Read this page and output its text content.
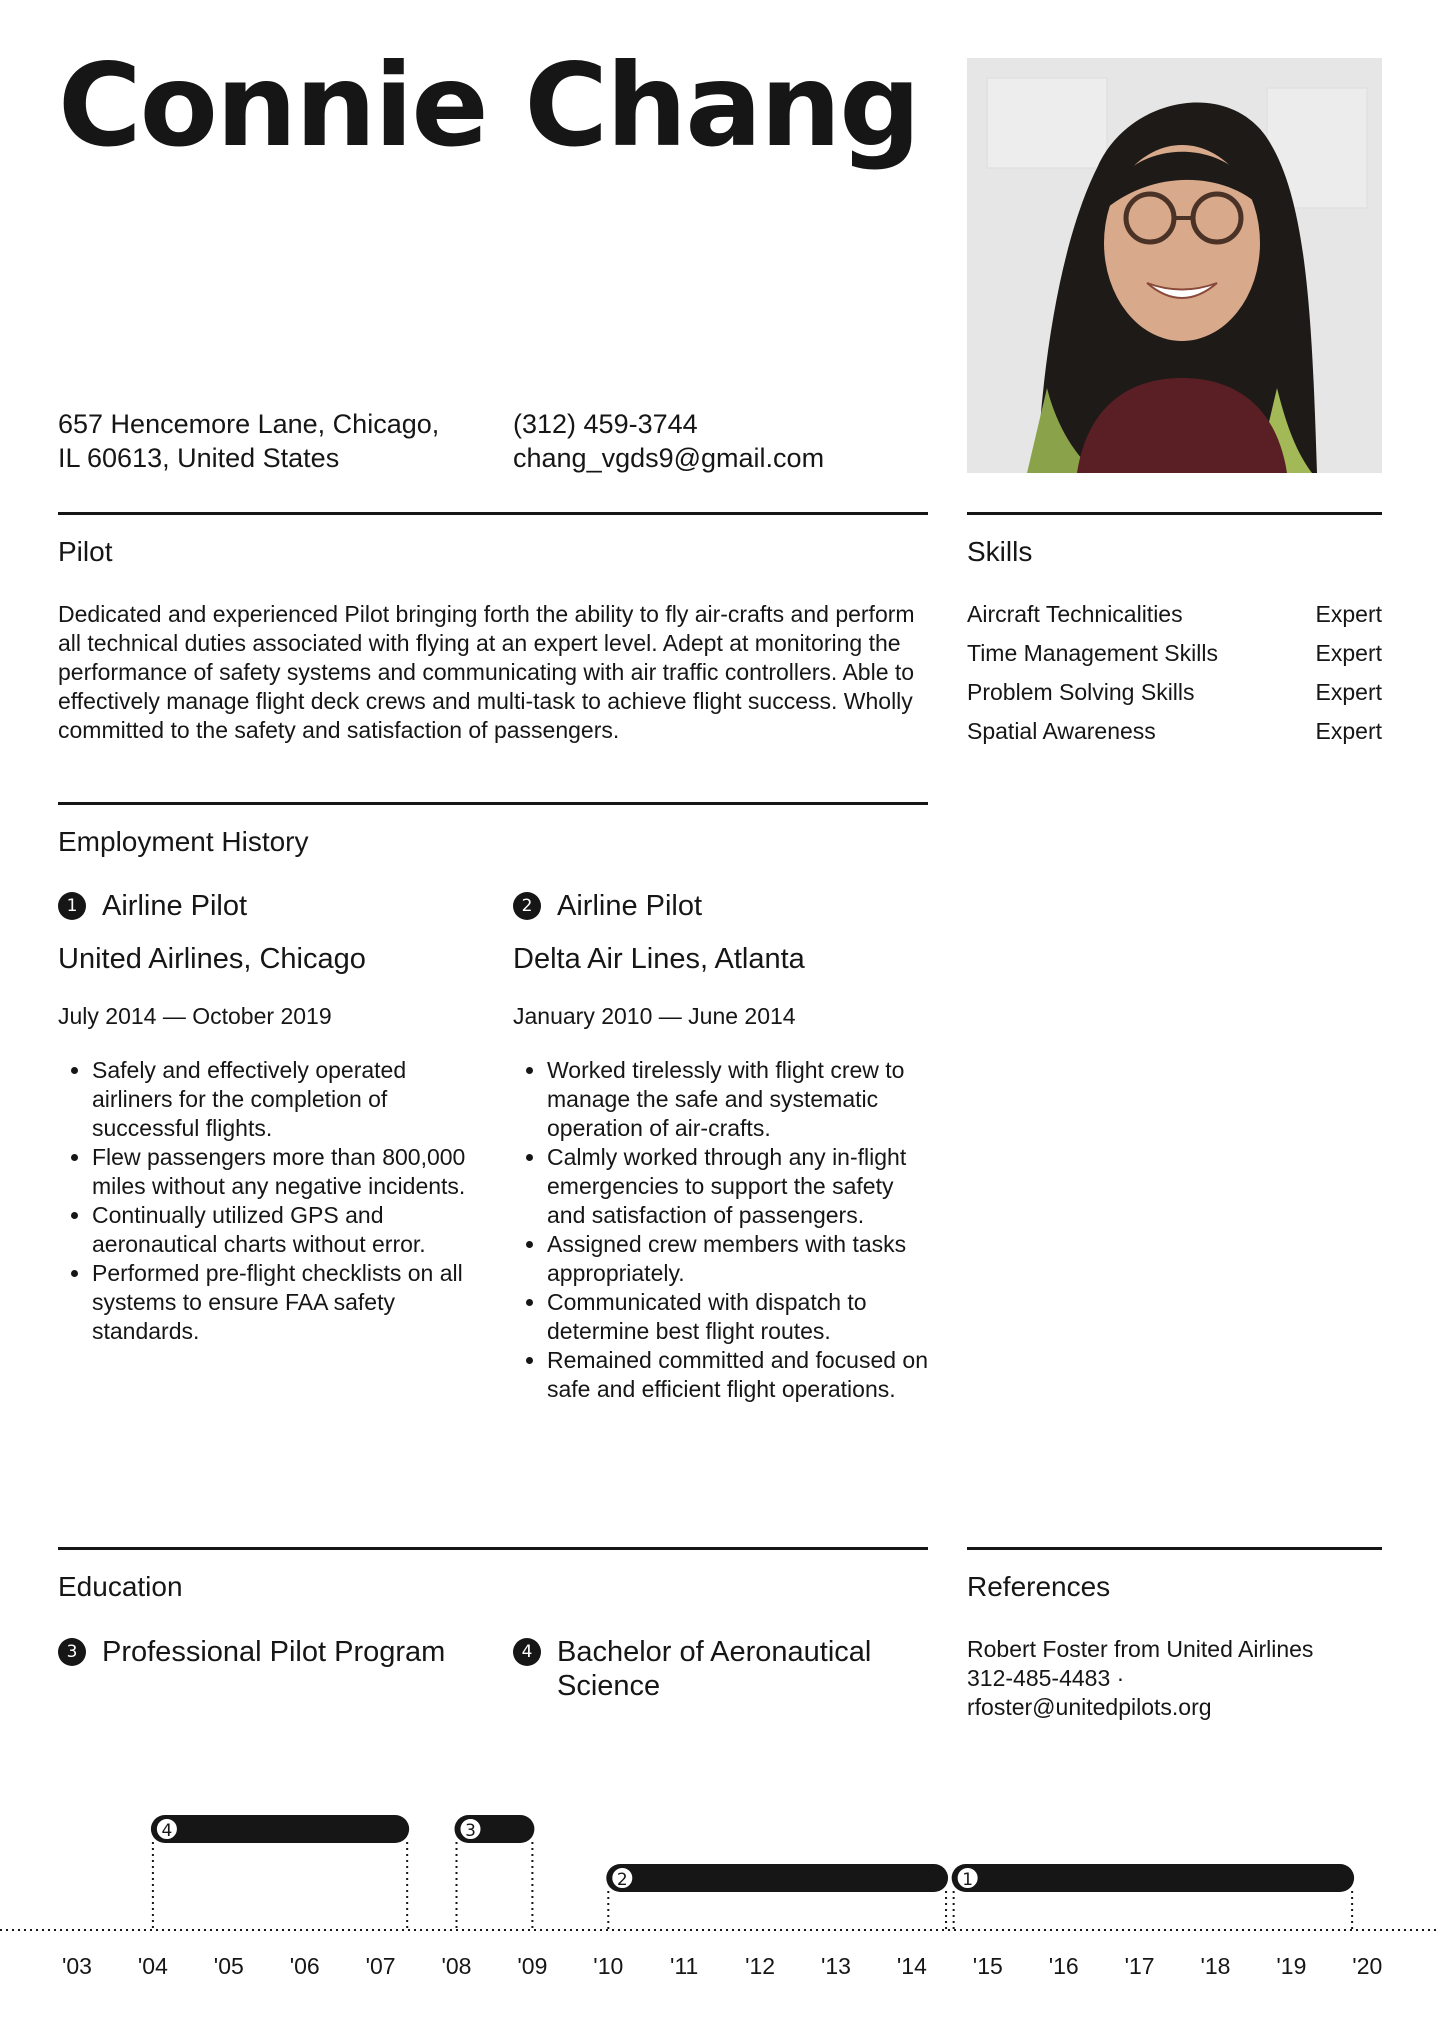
Connie Chang
657 Hencemore Lane, Chicago,
IL 60613, United States
(312) 459-3744
chang_vgds9@gmail.com
Pilot
Dedicated and experienced Pilot bringing forth the ability to fly air-crafts and perform all technical duties associated with flying at an expert level. Adept at monitoring the performance of safety systems and communicating with air traffic controllers. Able to effectively manage flight deck crews and multi-task to achieve flight success. Wholly committed to the safety and satisfaction of passengers.
Skills
Aircraft Technicalities	Expert
Time Management Skills	Expert
Problem Solving Skills	Expert
Spatial Awareness	Expert
Employment History
1 Airline Pilot
United Airlines, Chicago
July 2014 — October 2019
• Safely and effectively operated airliners for the completion of successful flights.
• Flew passengers more than 800,000 miles without any negative incidents.
• Continually utilized GPS and aeronautical charts without error.
• Performed pre-flight checklists on all systems to ensure FAA safety standards.
2 Airline Pilot
Delta Air Lines, Atlanta
January 2010 — June 2014
• Worked tirelessly with flight crew to manage the safe and systematic operation of air-crafts.
• Calmly worked through any in-flight emergencies to support the safety and satisfaction of passengers.
• Assigned crew members with tasks appropriately.
• Communicated with dispatch to determine best flight routes.
• Remained committed and focused on safe and efficient flight operations.
Education
3 Professional Pilot Program	4 Bachelor of Aeronautical Science
References
Robert Foster from United Airlines
312-485-4483 ·
rfoster@unitedpilots.org
'03 '04 '05 '06 '07 '08 '09 '10 '11 '12 '13 '14 '15 '16 '17 '18 '19 '20
4	3
2	1
